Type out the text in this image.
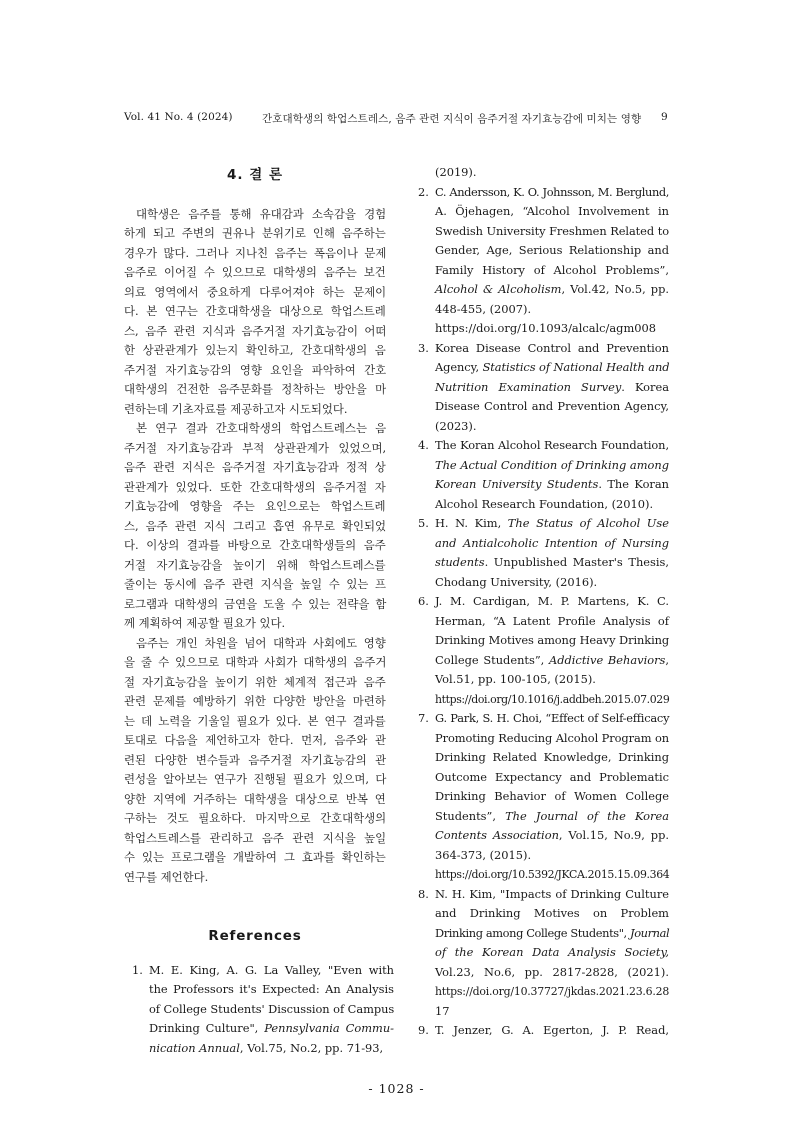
Vol. 41 No. 4 (2024)	간호대학생의 학업스트레스, 음주 관련 지식이 음주거절 자기효능감에 미치는 영향 9
4. 결 론
대학생은 음주를 통해 유대감과 소속감을 경험
하게 되고 주변의 권유나 분위기로 인해 음주하는
경우가 많다. 그러나 지나친 음주는 폭음이나 문제
음주로 이어질 수 있으므로 대학생의 음주는 보건
의료 영역에서 중요하게 다루어져야 하는 문제이
다. 본 연구는 간호대학생을 대상으로 학업스트레
스, 음주 관련 지식과 음주거절 자기효능감이 어떠
한 상관관계가 있는지 확인하고, 간호대학생의 음
주거절 자기효능감의 영향 요인을 파악하여 간호
대학생의 건전한 음주문화를 정착하는 방안을 마
련하는데 기초자료를 제공하고자 시도되었다.
본 연구 결과 간호대학생의 학업스트레스는 음
주거절 자기효능감과 부적 상관관계가 있었으며,
음주 관련 지식은 음주거절 자기효능감과 정적 상
관관계가 있었다. 또한 간호대학생의 음주거절 자
기효능감에 영향을 주는 요인으로는 학업스트레
스, 음주 관련 지식 그리고 흡연 유무로 확인되었
다. 이상의 결과를 바탕으로 간호대학생들의 음주
거절 자기효능감을 높이기 위해 학업스트레스를
줄이는 동시에 음주 관련 지식을 높일 수 있는 프
로그램과 대학생의 금연을 도울 수 있는 전략을 함
께 계획하여 제공할 필요가 있다.
음주는 개인 차원을 넘어 대학과 사회에도 영향
을 줄 수 있으므로 대학과 사회가 대학생의 음주거
절 자기효능감을 높이기 위한 체계적 접근과 음주
관련 문제를 예방하기 위한 다양한 방안을 마련하
는 데 노력을 기울일 필요가 있다. 본 연구 결과를
토대로 다음을 제언하고자 한다. 먼저, 음주와 관
련된 다양한 변수들과 음주거절 자기효능감의 관
련성을 알아보는 연구가 진행될 필요가 있으며, 다
양한 지역에 거주하는 대학생을 대상으로 반복 연
구하는 것도 필요하다. 마지막으로 간호대학생의
학업스트레스를 관리하고 음주 관련 지식을 높일
수 있는 프로그램을 개발하여 그 효과를 확인하는
연구를 제언한다.
References
1. M. E. King, A. G. La Valley, "Even with
the Professors it's Expected: An Analysis
of College Students' Discussion of Campus
Drinking Culture", Pennsylvania Commu-
nication Annual, Vol.75, No.2, pp. 71-93,
(2019).
2. C. Andersson, K. O. Johnsson, M. Berglund,
A. Öjehagen, “Alcohol Involvement in
Swedish University Freshmen Related to
Gender, Age, Serious Relationship and
Family History of Alcohol Problems”,
Alcohol & Alcoholism, Vol.42, No.5, pp.
448-455, (2007).
https://doi.org/10.1093/alcalc/agm008
3. Korea Disease Control and Prevention
Agency, Statistics of National Health and
Nutrition Examination Survey. Korea
Disease Control and Prevention Agency,
(2023).
4. The Koran Alcohol Research Foundation,
The Actual Condition of Drinking among
Korean University Students. The Koran
Alcohol Research Foundation, (2010).
5. H. N. Kim, The Status of Alcohol Use
and Antialcoholic Intention of Nursing
students. Unpublished Master's Thesis,
Chodang University, (2016).
6. J. M. Cardigan, M. P. Martens, K. C.
Herman, “A Latent Profile Analysis of
Drinking Motives among Heavy Drinking
College Students”, Addictive Behaviors,
Vol.51, pp. 100-105, (2015).
https://doi.org/10.1016/j.addbeh.2015.07.029
7. G. Park, S. H. Choi, “Effect of Self-efficacy
Promoting Reducing Alcohol Program on
Drinking Related Knowledge, Drinking
Outcome Expectancy and Problematic
Drinking Behavior of Women College
Students”, The Journal of the Korea
Contents Association, Vol.15, No.9, pp.
364-373, (2015).
https://doi.org/10.5392/JKCA.2015.15.09.364
8. N. H. Kim, "Impacts of Drinking Culture
and Drinking Motives on Problem
Drinking among College Students", Journal
of the Korean Data Analysis Society,
Vol.23, No.6, pp. 2817-2828, (2021).
https://doi.org/10.37727/jkdas.2021.23.6.28
17
9. T. Jenzer, G. A. Egerton, J. P. Read,
- 1028 -
